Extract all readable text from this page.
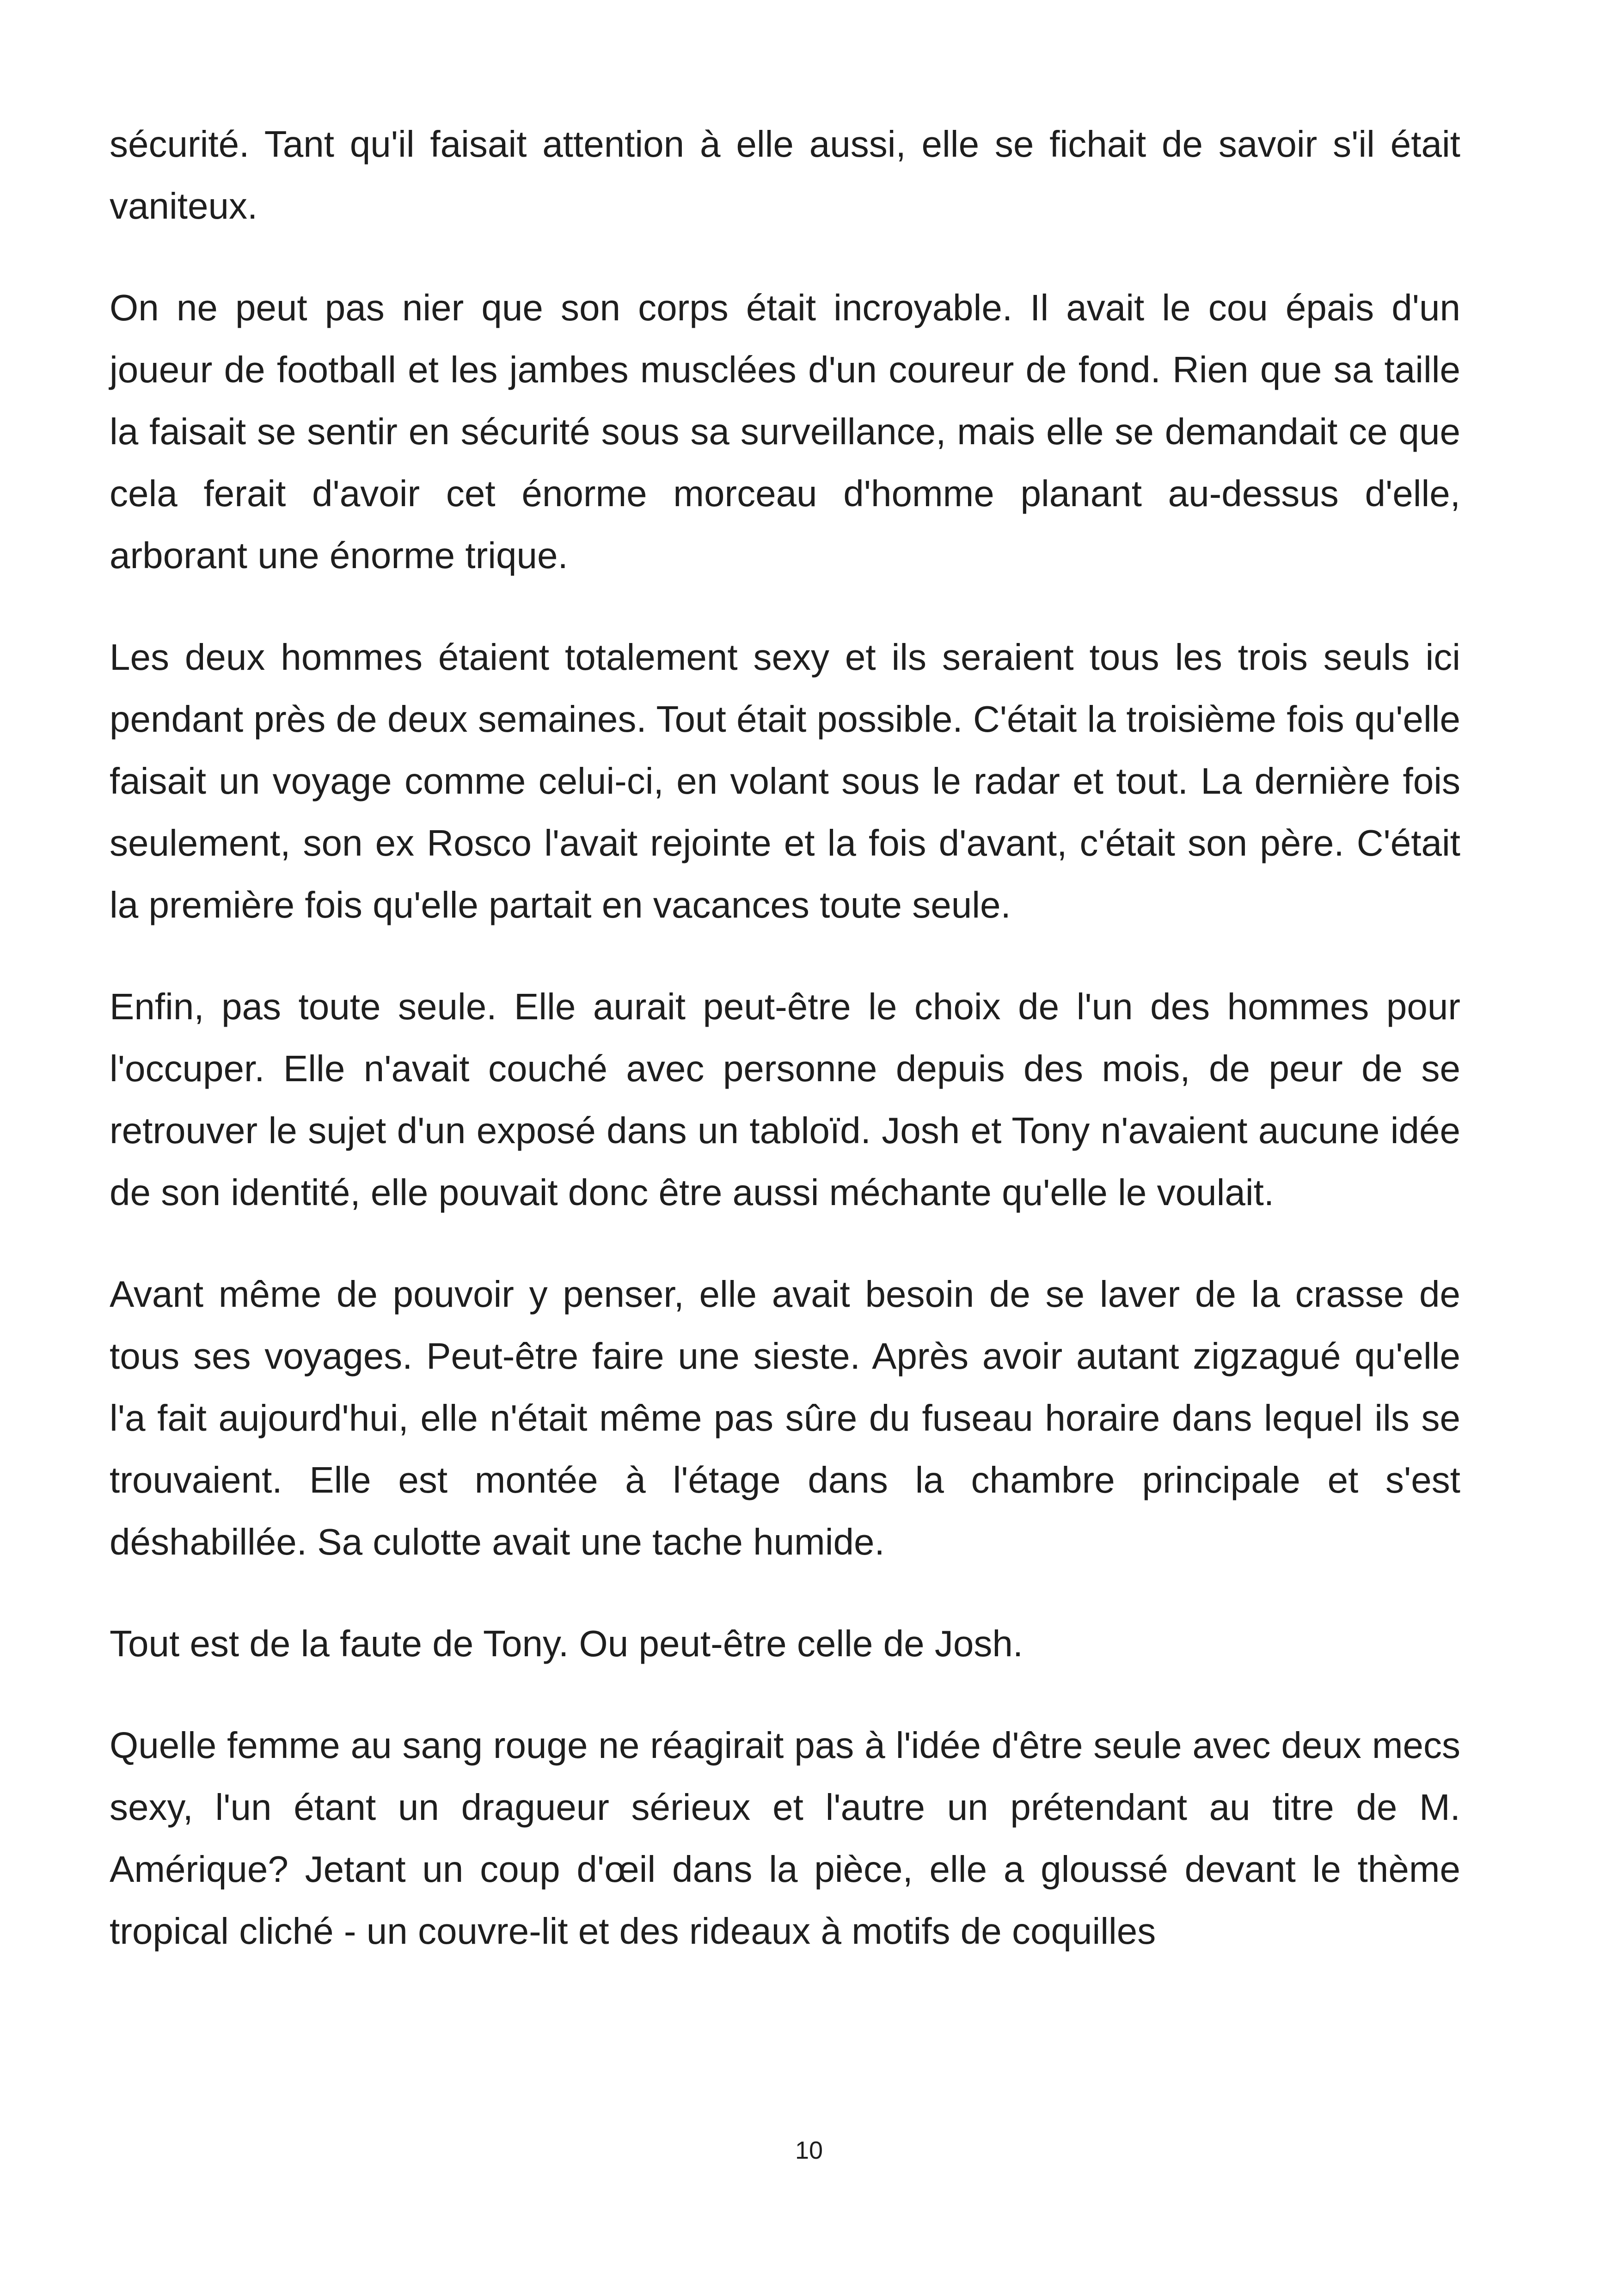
sécurité. Tant qu'il faisait attention à elle aussi, elle se fichait de savoir s'il était vaniteux.

On ne peut pas nier que son corps était incroyable. Il avait le cou épais d'un joueur de football et les jambes musclées d'un coureur de fond. Rien que sa taille la faisait se sentir en sécurité sous sa surveillance, mais elle se demandait ce que cela ferait d'avoir cet énorme morceau d'homme planant au-dessus d'elle, arborant une énorme trique.

Les deux hommes étaient totalement sexy et ils seraient tous les trois seuls ici pendant près de deux semaines. Tout était possible. C'était la troisième fois qu'elle faisait un voyage comme celui-ci, en volant sous le radar et tout. La dernière fois seulement, son ex Rosco l'avait rejointe et la fois d'avant, c'était son père. C'était la première fois qu'elle partait en vacances toute seule.

Enfin, pas toute seule. Elle aurait peut-être le choix de l'un des hommes pour l'occuper. Elle n'avait couché avec personne depuis des mois, de peur de se retrouver le sujet d'un exposé dans un tabloïd. Josh et Tony n'avaient aucune idée de son identité, elle pouvait donc être aussi méchante qu'elle le voulait.

Avant même de pouvoir y penser, elle avait besoin de se laver de la crasse de tous ses voyages. Peut-être faire une sieste. Après avoir autant zigzagué qu'elle l'a fait aujourd'hui, elle n'était même pas sûre du fuseau horaire dans lequel ils se trouvaient. Elle est montée à l'étage dans la chambre principale et s'est déshabillée. Sa culotte avait une tache humide.

Tout est de la faute de Tony. Ou peut-être celle de Josh.

Quelle femme au sang rouge ne réagirait pas à l'idée d'être seule avec deux mecs sexy, l'un étant un dragueur sérieux et l'autre un prétendant au titre de M. Amérique? Jetant un coup d'œil dans la pièce, elle a gloussé devant le thème tropical cliché - un couvre-lit et des rideaux à motifs de coquilles

10
